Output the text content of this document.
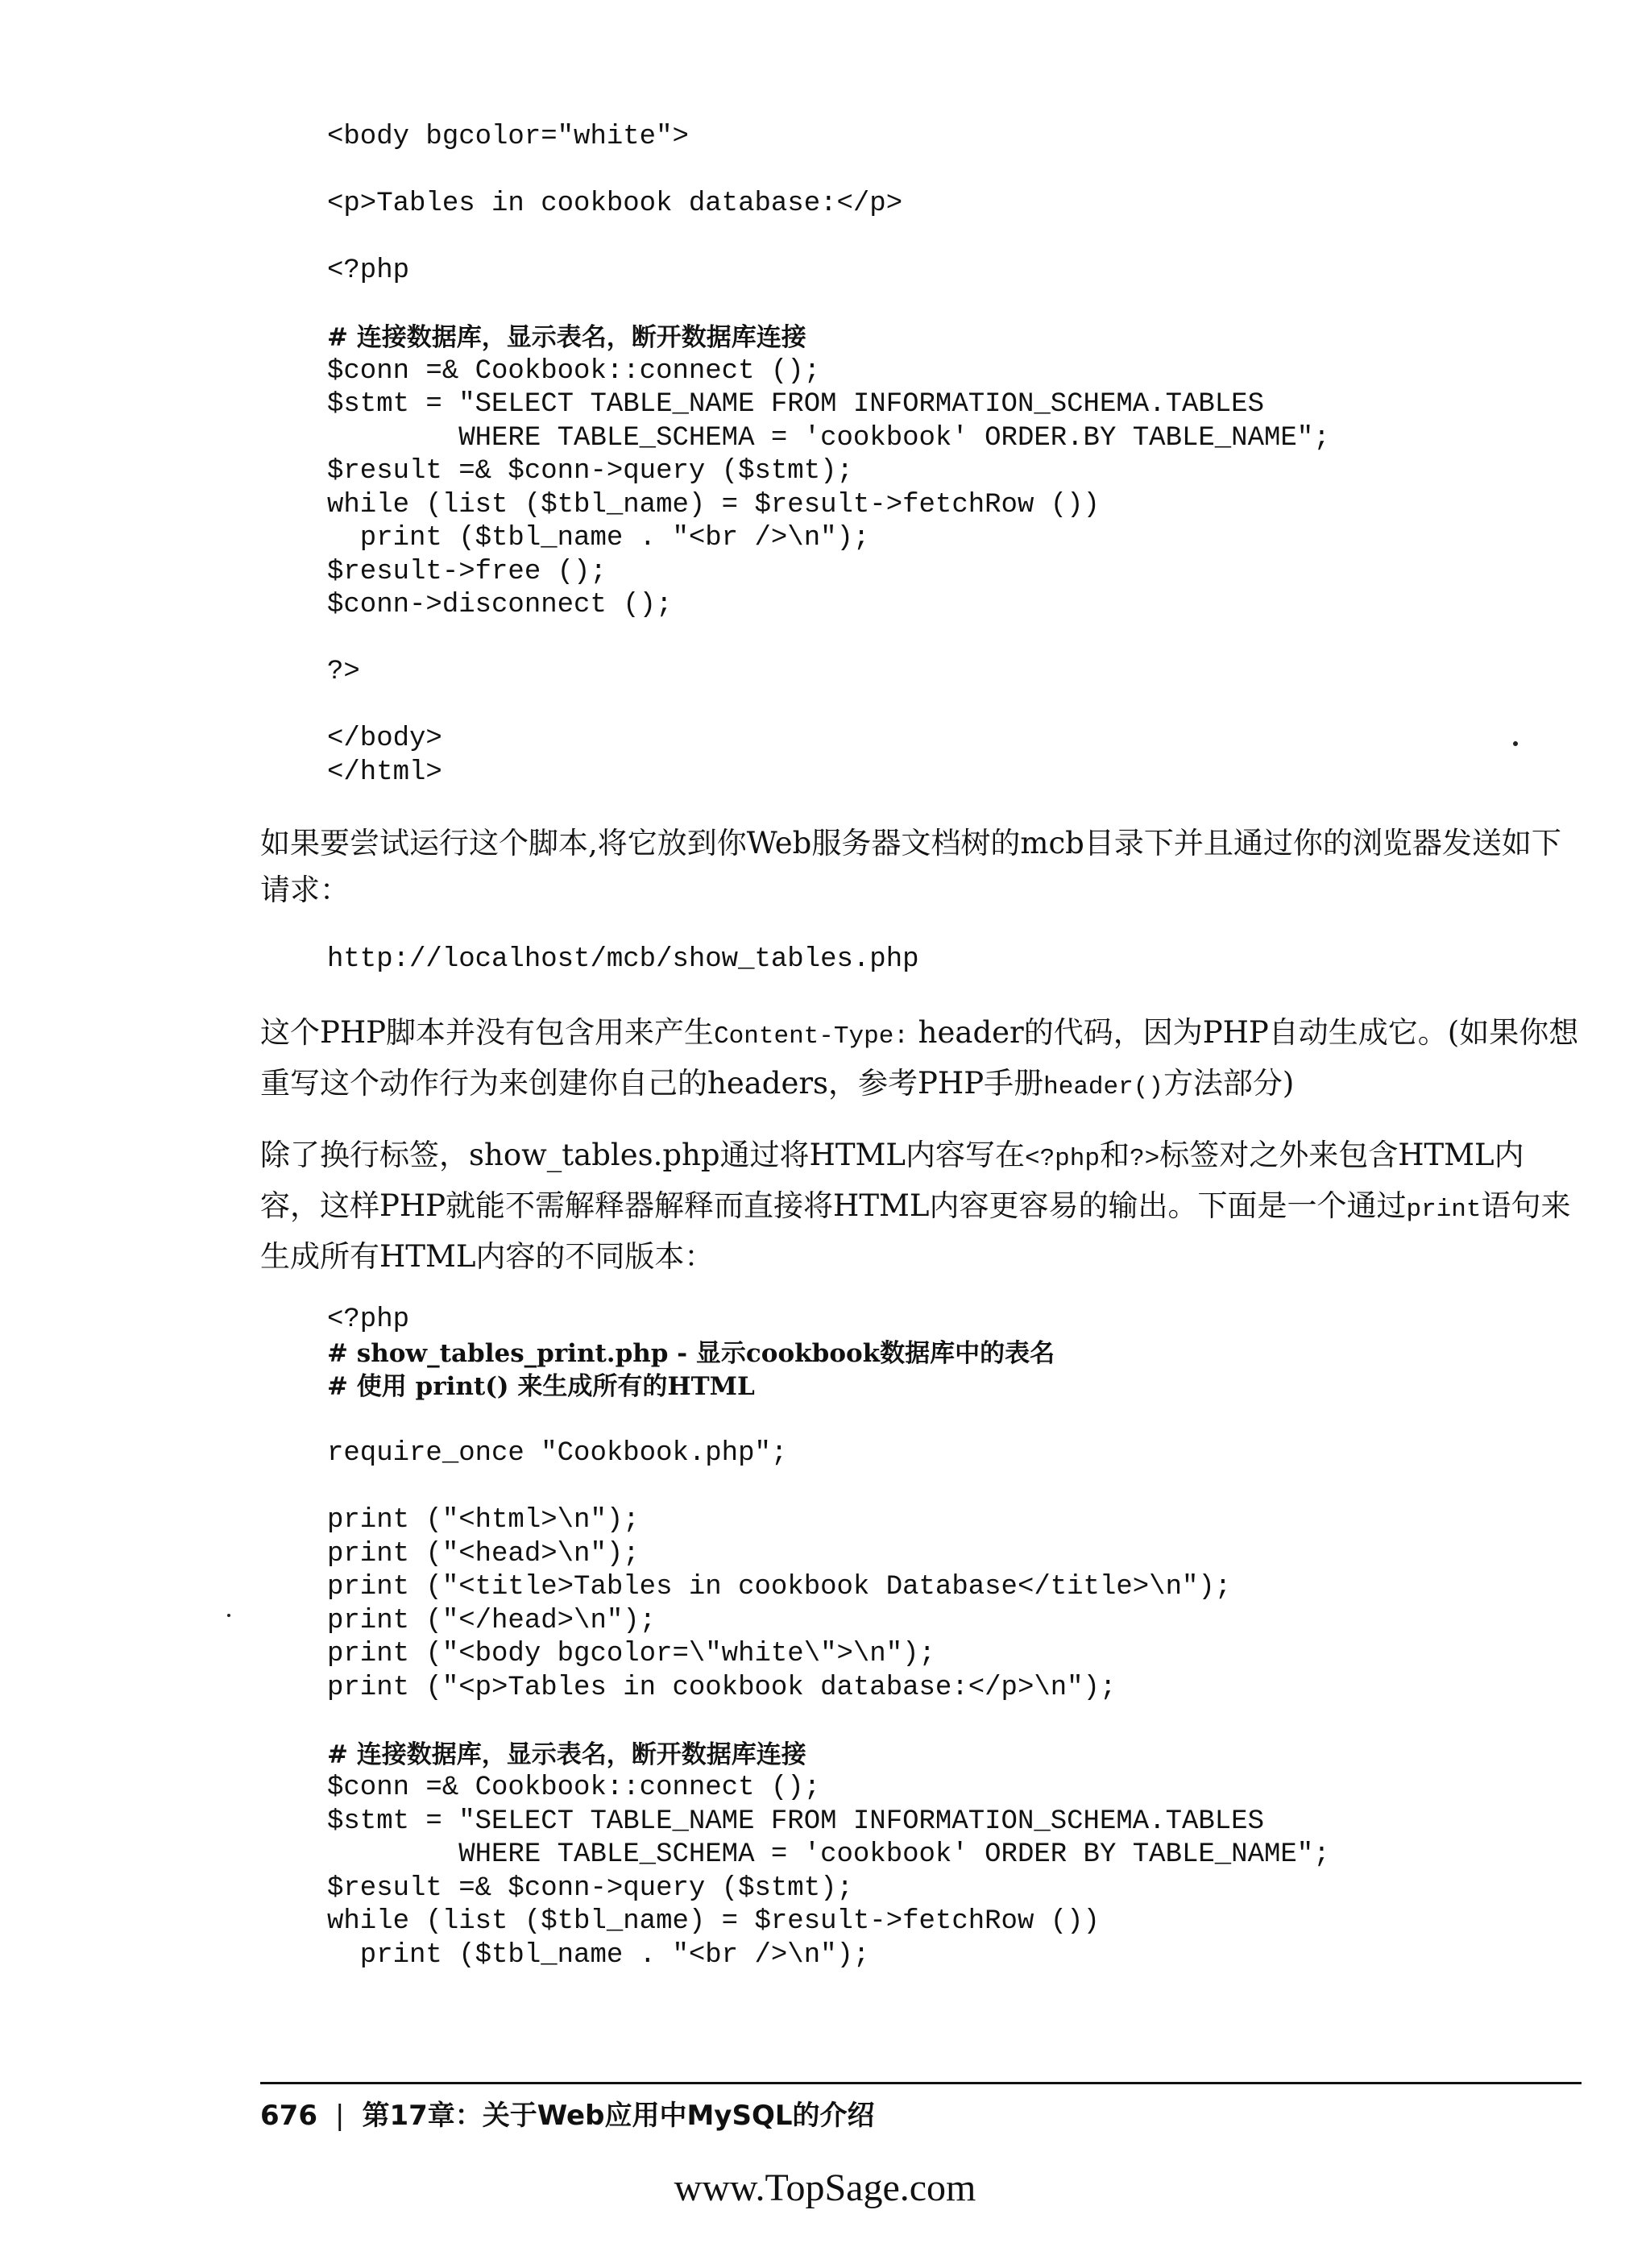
<body bgcolor="white">

<p>Tables in cookbook database:</p>

<?php

# 连接数据库，显示表名，断开数据库连接
$conn =& Cookbook::connect ();
$stmt = "SELECT TABLE_NAME FROM INFORMATION_SCHEMA.TABLES
WHERE TABLE_SCHEMA = 'cookbook' ORDER.BY TABLE_NAME";
$result =& $conn->query ($stmt);
while (list ($tbl_name) = $result->fetchRow ())
print ($tbl_name . "<br />\n");
$result->free ();
$conn->disconnect ();

?>

</body>
</html>

如果要尝试运行这个脚本,将它放到你Web服务器文档树的mcb目录下并且通过你的浏览器发送如下请求：

http://localhost/mcb/show_tables.php

这个PHP脚本并没有包含用来产生Content-Type: header的代码，因为PHP自动生成它。(如果你想重写这个动作行为来创建你自己的headers，参考PHP手册header()方法部分)

除了换行标签，show_tables.php通过将HTML内容写在<?php和?>标签对之外来包含HTML内容，这样PHP就能不需解释器解释而直接将HTML内容更容易的输出。下面是一个通过print语句来生成所有HTML内容的不同版本：

<?php
# show_tables_print.php - 显示cookbook数据库中的表名
# 使用 print() 来生成所有的HTML

require_once "Cookbook.php";

print ("<html>\n");
print ("<head>\n");
print ("<title>Tables in cookbook Database</title>\n");
print ("</head>\n");
print ("<body bgcolor=\"white\">\n");
print ("<p>Tables in cookbook database:</p>\n");

# 连接数据库，显示表名，断开数据库连接
$conn =& Cookbook::connect ();
$stmt = "SELECT TABLE_NAME FROM INFORMATION_SCHEMA.TABLES
WHERE TABLE_SCHEMA = 'cookbook' ORDER BY TABLE_NAME";
$result =& $conn->query ($stmt);
while (list ($tbl_name) = $result->fetchRow ())
print ($tbl_name . "<br />\n");
676 | 第17章：关于Web应用中MySQL的介绍
www.TopSage.com
